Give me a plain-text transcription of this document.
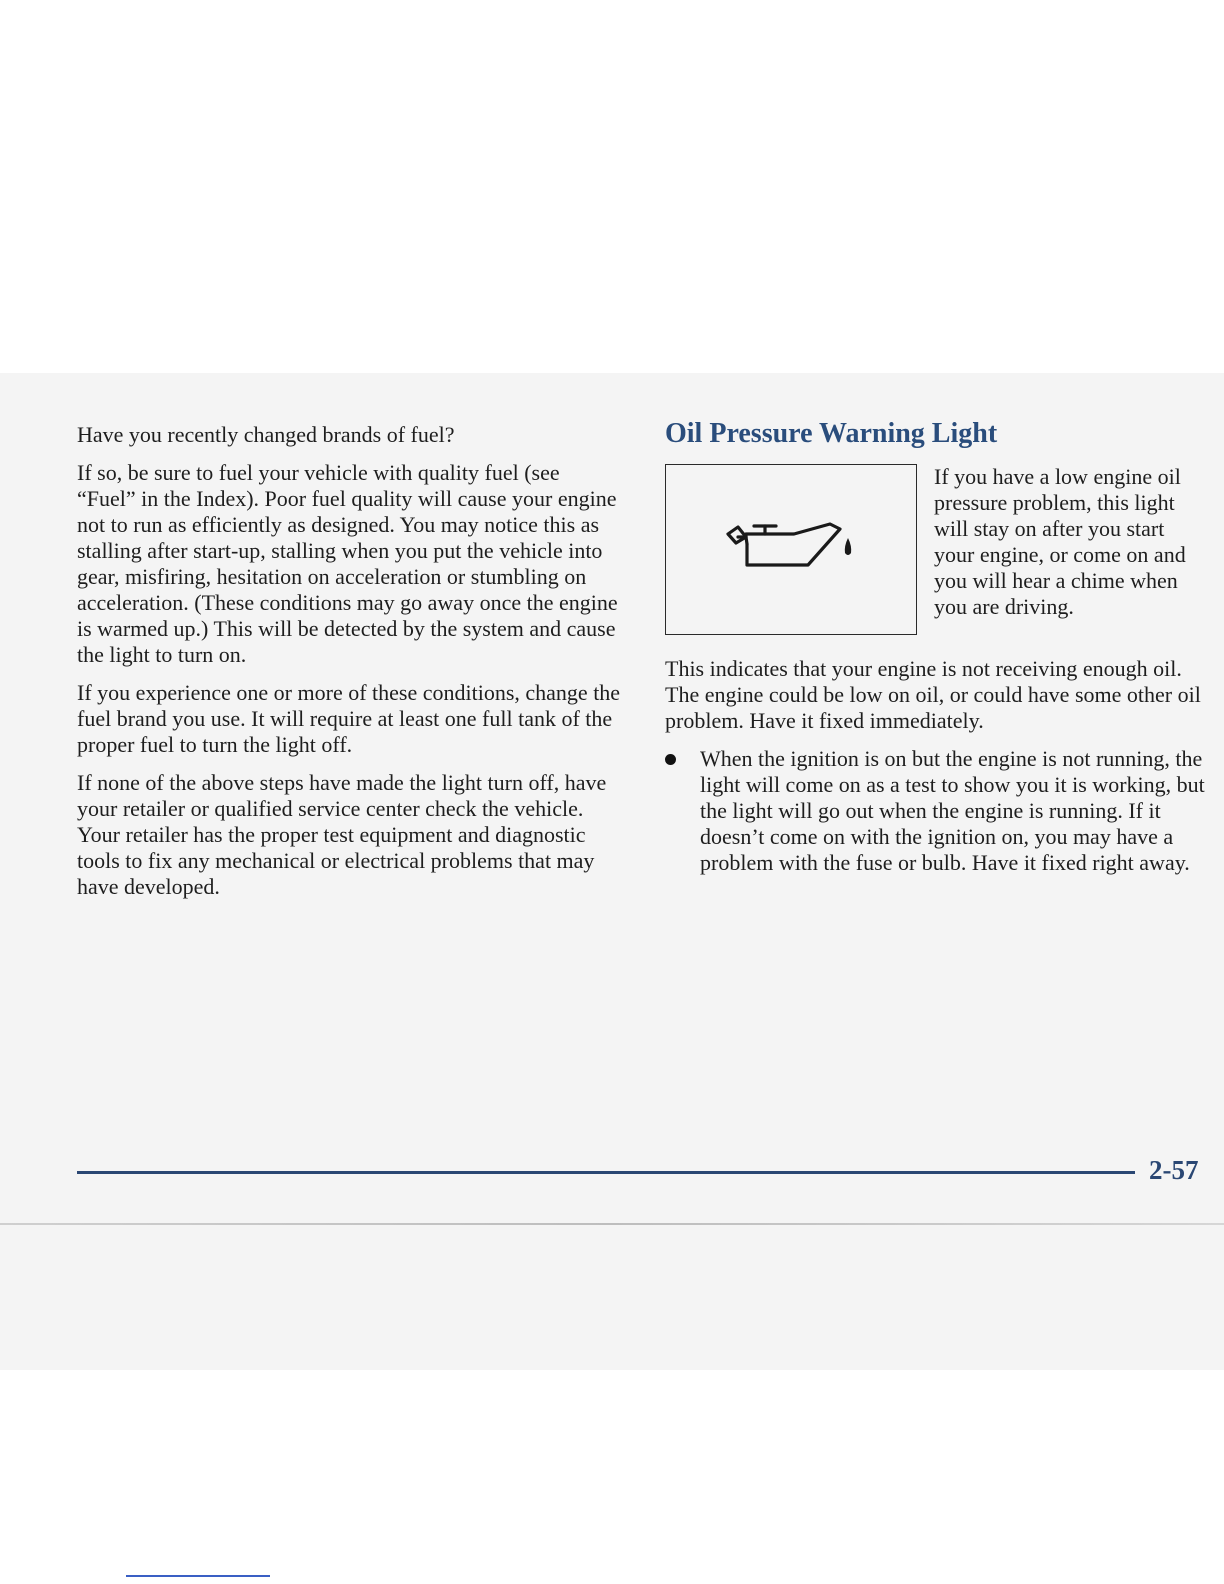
Have you recently changed brands of fuel?

If so, be sure to fuel your vehicle with quality fuel (see “Fuel” in the Index). Poor fuel quality will cause your engine not to run as efficiently as designed. You may notice this as stalling after start-up, stalling when you put the vehicle into gear, misfiring, hesitation on acceleration or stumbling on acceleration. (These conditions may go away once the engine is warmed up.) This will be detected by the system and cause the light to turn on.

If you experience one or more of these conditions, change the fuel brand you use. It will require at least one full tank of the proper fuel to turn the light off.

If none of the above steps have made the light turn off, have your retailer or qualified service center check the vehicle. Your retailer has the proper test equipment and diagnostic tools to fix any mechanical or electrical problems that may have developed.

Oil Pressure Warning Light

If you have a low engine oil pressure problem, this light will stay on after you start your engine, or come on and you will hear a chime when you are driving.

This indicates that your engine is not receiving enough oil. The engine could be low on oil, or could have some other oil problem. Have it fixed immediately.

When the ignition is on but the engine is not running, the light will come on as a test to show you it is working, but the light will go out when the engine is running. If it doesn’t come on with the ignition on, you may have a problem with the fuse or bulb. Have it fixed right away.
2-57
